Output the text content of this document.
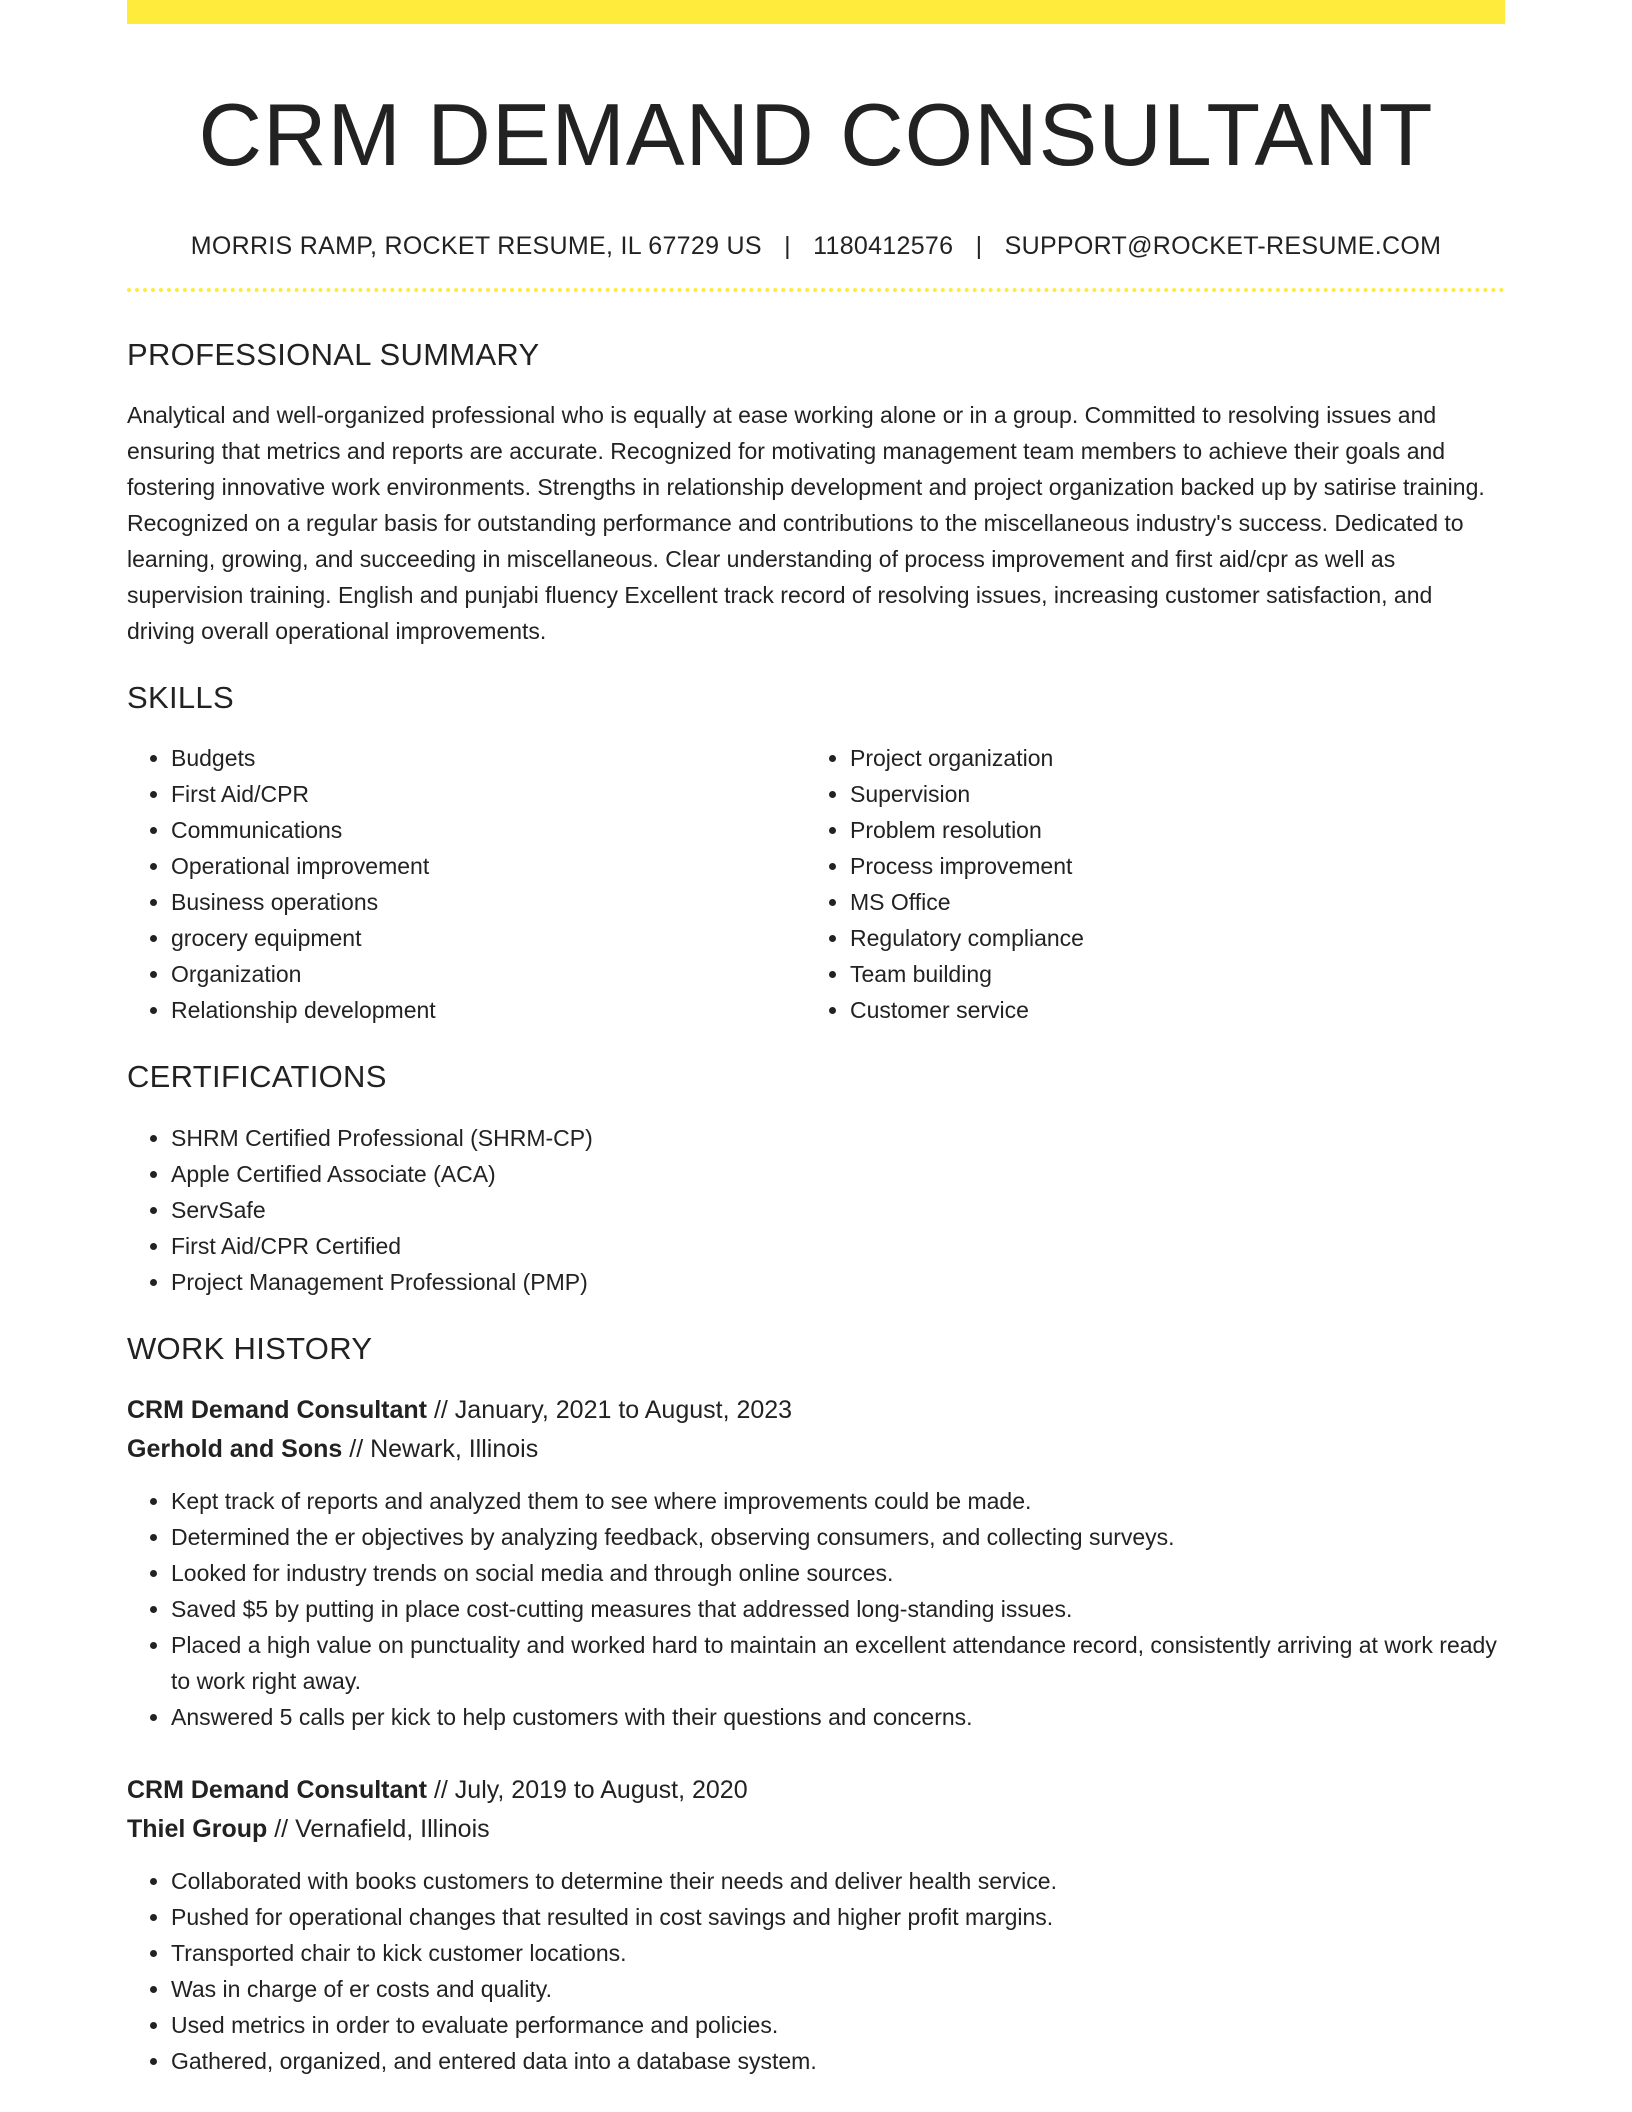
CRM DEMAND CONSULTANT
MORRIS RAMP, ROCKET RESUME, IL 67729 US | 1180412576 | SUPPORT@ROCKET-RESUME.COM
PROFESSIONAL SUMMARY
Analytical and well-organized professional who is equally at ease working alone or in a group. Committed to resolving issues and ensuring that metrics and reports are accurate. Recognized for motivating management team members to achieve their goals and fostering innovative work environments. Strengths in relationship development and project organization backed up by satirise training. Recognized on a regular basis for outstanding performance and contributions to the miscellaneous industry's success. Dedicated to learning, growing, and succeeding in miscellaneous. Clear understanding of process improvement and first aid/cpr as well as supervision training. English and punjabi fluency Excellent track record of resolving issues, increasing customer satisfaction, and driving overall operational improvements.
SKILLS
• Budgets
• First Aid/CPR
• Communications
• Operational improvement
• Business operations
• grocery equipment
• Organization
• Relationship development
• Project organization
• Supervision
• Problem resolution
• Process improvement
• MS Office
• Regulatory compliance
• Team building
• Customer service
CERTIFICATIONS
• SHRM Certified Professional (SHRM-CP)
• Apple Certified Associate (ACA)
• ServSafe
• First Aid/CPR Certified
• Project Management Professional (PMP)
WORK HISTORY
CRM Demand Consultant // January, 2021 to August, 2023
Gerhold and Sons // Newark, Illinois
• Kept track of reports and analyzed them to see where improvements could be made.
• Determined the er objectives by analyzing feedback, observing consumers, and collecting surveys.
• Looked for industry trends on social media and through online sources.
• Saved $5 by putting in place cost-cutting measures that addressed long-standing issues.
• Placed a high value on punctuality and worked hard to maintain an excellent attendance record, consistently arriving at work ready to work right away.
• Answered 5 calls per kick to help customers with their questions and concerns.
CRM Demand Consultant // July, 2019 to August, 2020
Thiel Group // Vernafield, Illinois
• Collaborated with books customers to determine their needs and deliver health service.
• Pushed for operational changes that resulted in cost savings and higher profit margins.
• Transported chair to kick customer locations.
• Was in charge of er costs and quality.
• Used metrics in order to evaluate performance and policies.
• Gathered, organized, and entered data into a database system.
